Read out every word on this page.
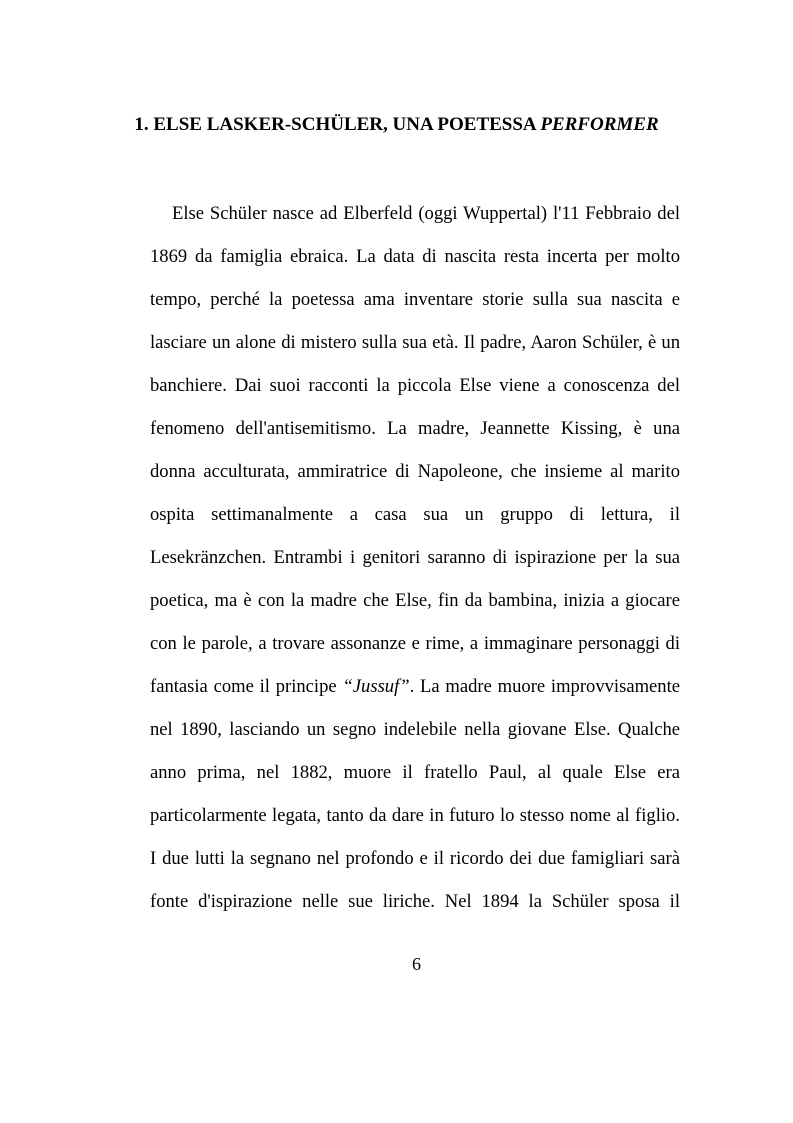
1. ELSE LASKER-SCHÜLER, UNA POETESSA PERFORMER
Else Schüler nasce ad Elberfeld (oggi Wuppertal) l'11 Febbraio del
1869 da famiglia ebraica. La data di nascita resta incerta per molto
tempo, perché la poetessa ama inventare storie sulla sua nascita e
lasciare un alone di mistero sulla sua età. Il padre, Aaron Schüler, è un
banchiere. Dai suoi racconti la piccola Else viene a conoscenza del
fenomeno dell'antisemitismo. La madre, Jeannette Kissing, è una
donna acculturata, ammiratrice di Napoleone, che insieme al marito
ospita settimanalmente a casa sua un gruppo di lettura, il
Lesekränzchen. Entrambi i genitori saranno di ispirazione per la sua
poetica, ma è con la madre che Else, fin da bambina, inizia a giocare
con le parole, a trovare assonanze e rime, a immaginare personaggi di
fantasia come il principe “Jussuf”. La madre muore improvvisamente
nel 1890, lasciando un segno indelebile nella giovane Else. Qualche
anno prima, nel 1882, muore il fratello Paul, al quale Else era
particolarmente legata, tanto da dare in futuro lo stesso nome al figlio.
I due lutti la segnano nel profondo e il ricordo dei due famigliari sarà
fonte d'ispirazione nelle sue liriche. Nel 1894 la Schüler sposa il
6
